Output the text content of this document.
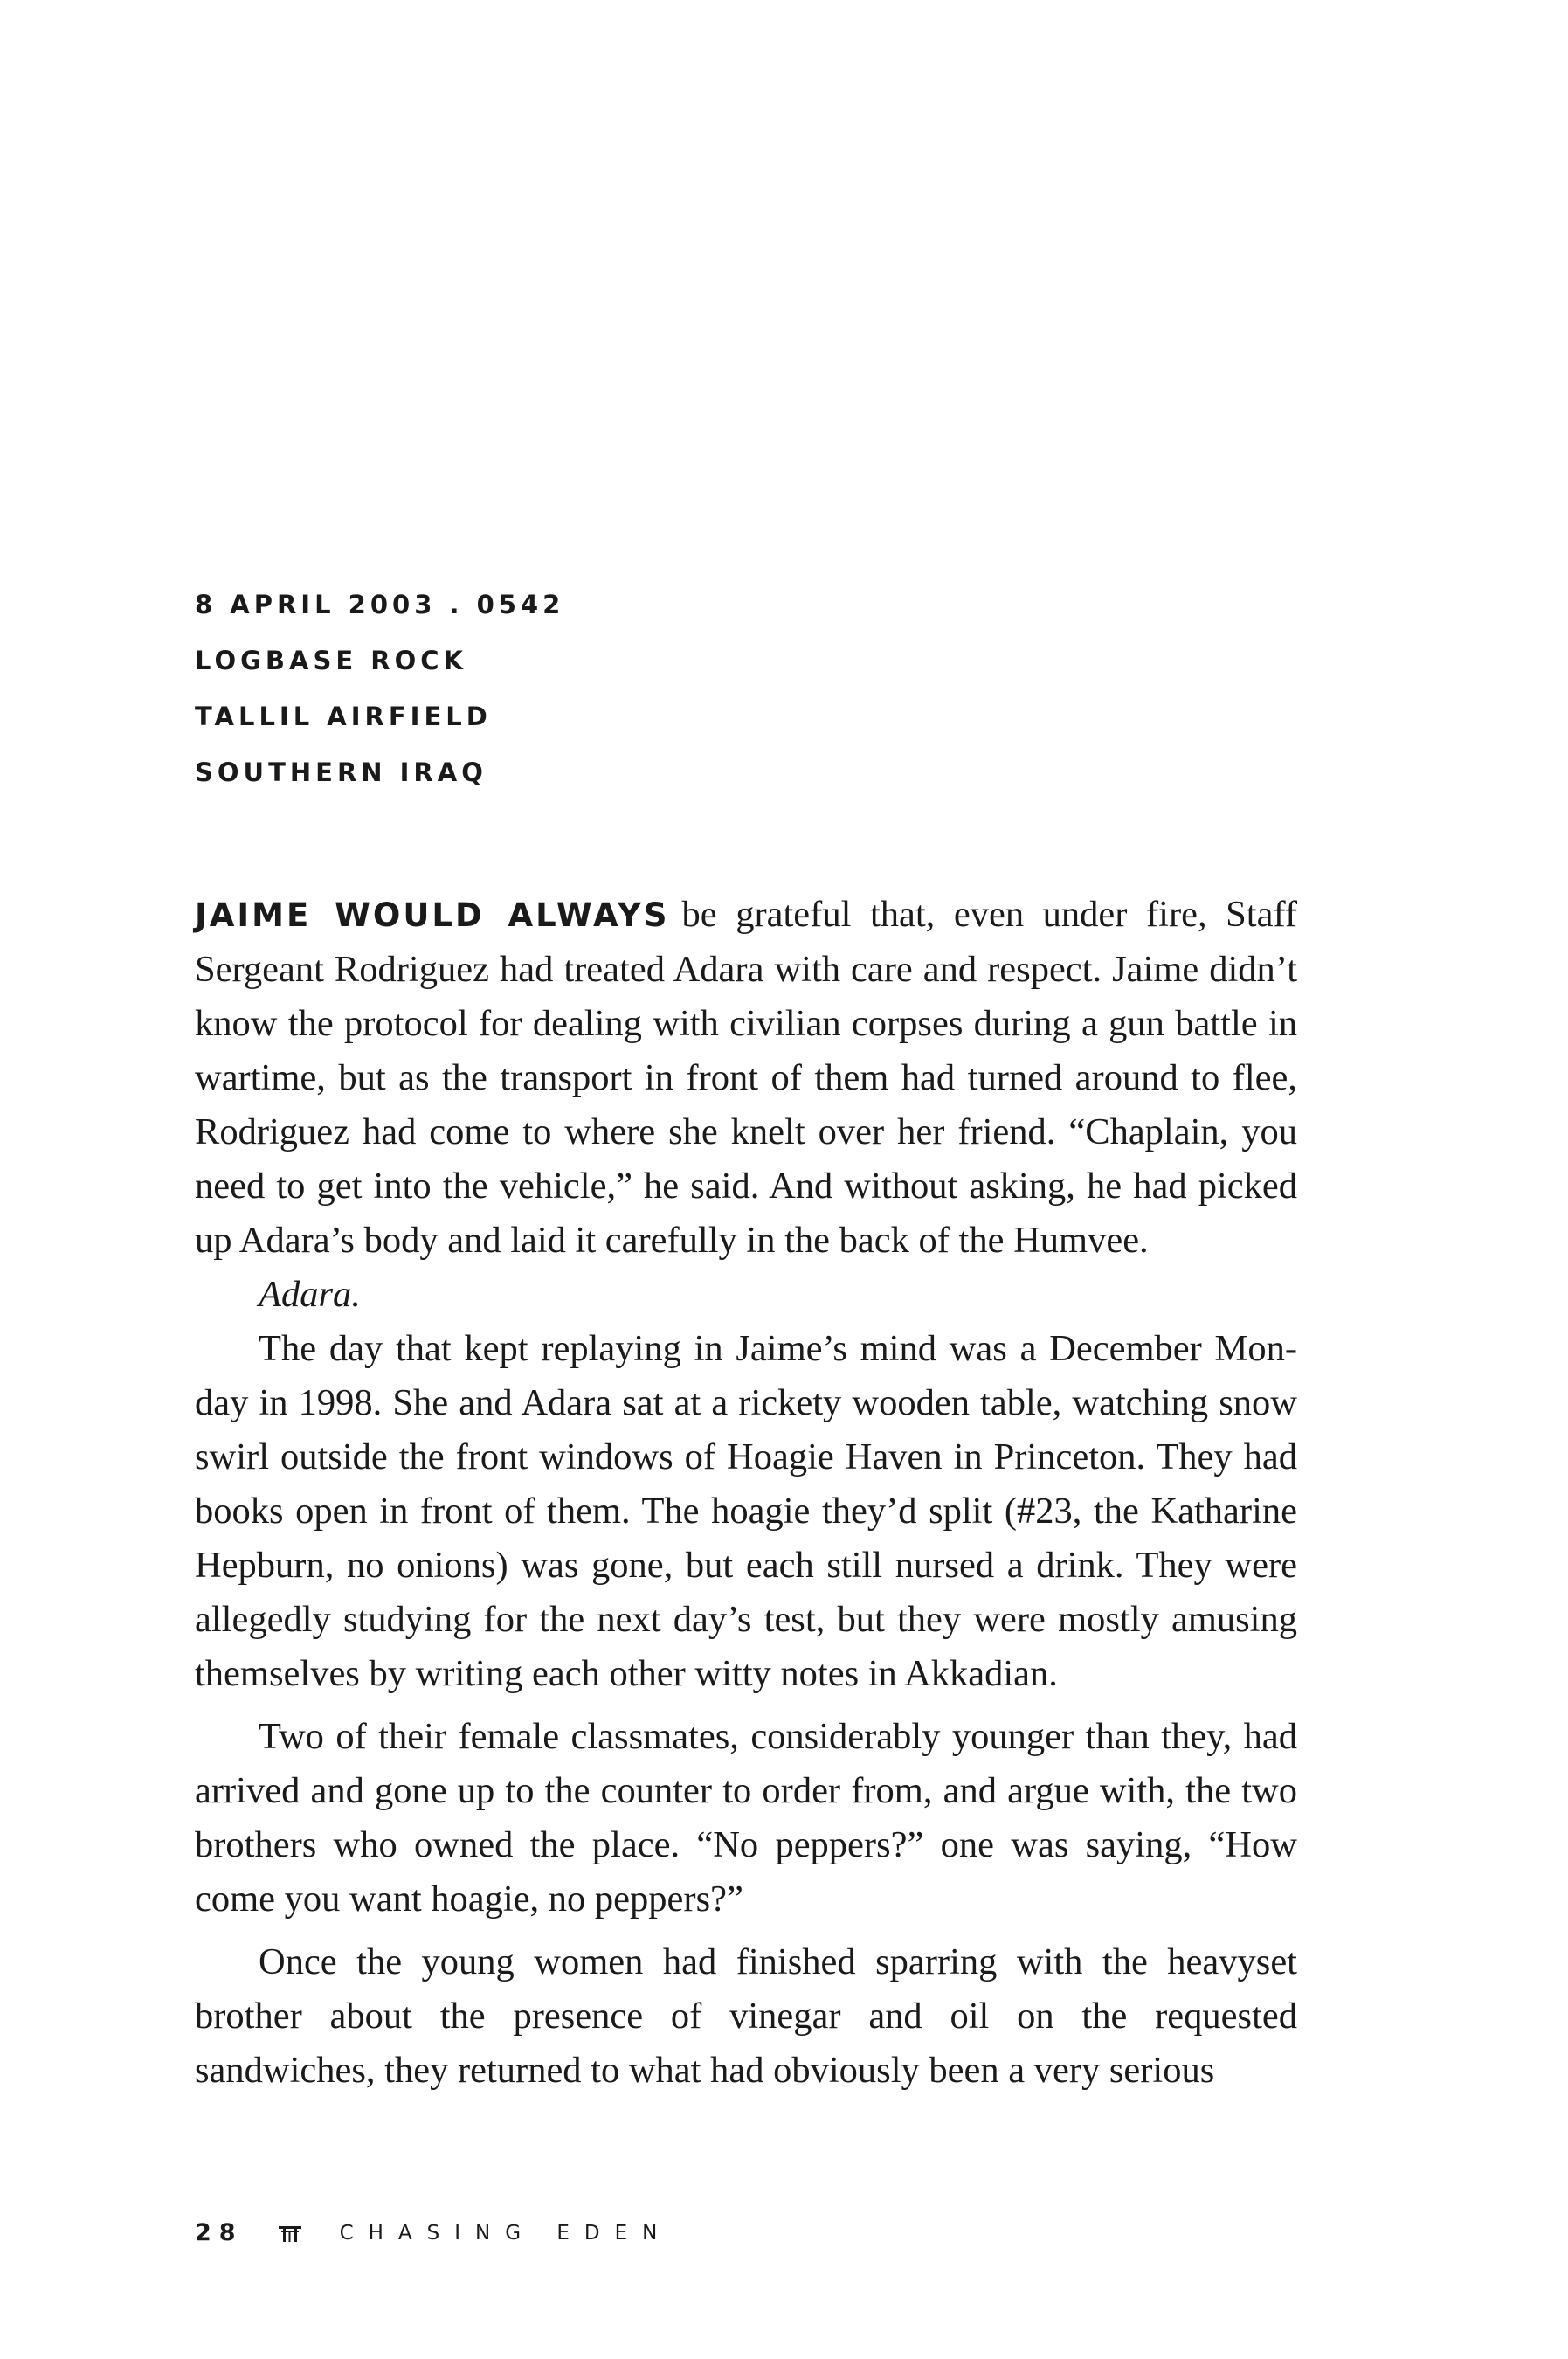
8 APRIL 2003 . 0542
LOGBASE ROCK
TALLIL AIRFIELD
SOUTHERN IRAQ

JAIME WOULD ALWAYS be grateful that, even under fire, Staff Sergeant Rodriguez had treated Adara with care and respect. Jaime didn’t know the protocol for dealing with civilian corpses during a gun battle in wartime, but as the transport in front of them had turned around to flee, Rodriguez had come to where she knelt over her friend. “Chaplain, you need to get into the vehicle,” he said. And without asking, he had picked up Adara’s body and laid it carefully in the back of the Humvee.

Adara.

The day that kept replaying in Jaime’s mind was a December Monday in 1998. She and Adara sat at a rickety wooden table, watching snow swirl outside the front windows of Hoagie Haven in Princeton. They had books open in front of them. The hoagie they’d split (#23, the Katharine Hepburn, no onions) was gone, but each still nursed a drink. They were allegedly studying for the next day’s test, but they were mostly amusing themselves by writing each other witty notes in Akkadian.

Two of their female classmates, considerably younger than they, had arrived and gone up to the counter to order from, and argue with, the two brothers who owned the place. “No peppers?” one was saying, “How come you want hoagie, no peppers?”

Once the young women had finished sparring with the heavyset brother about the presence of vinegar and oil on the requested sandwiches, they returned to what had obviously been a very serious

28	CHASING EDEN
